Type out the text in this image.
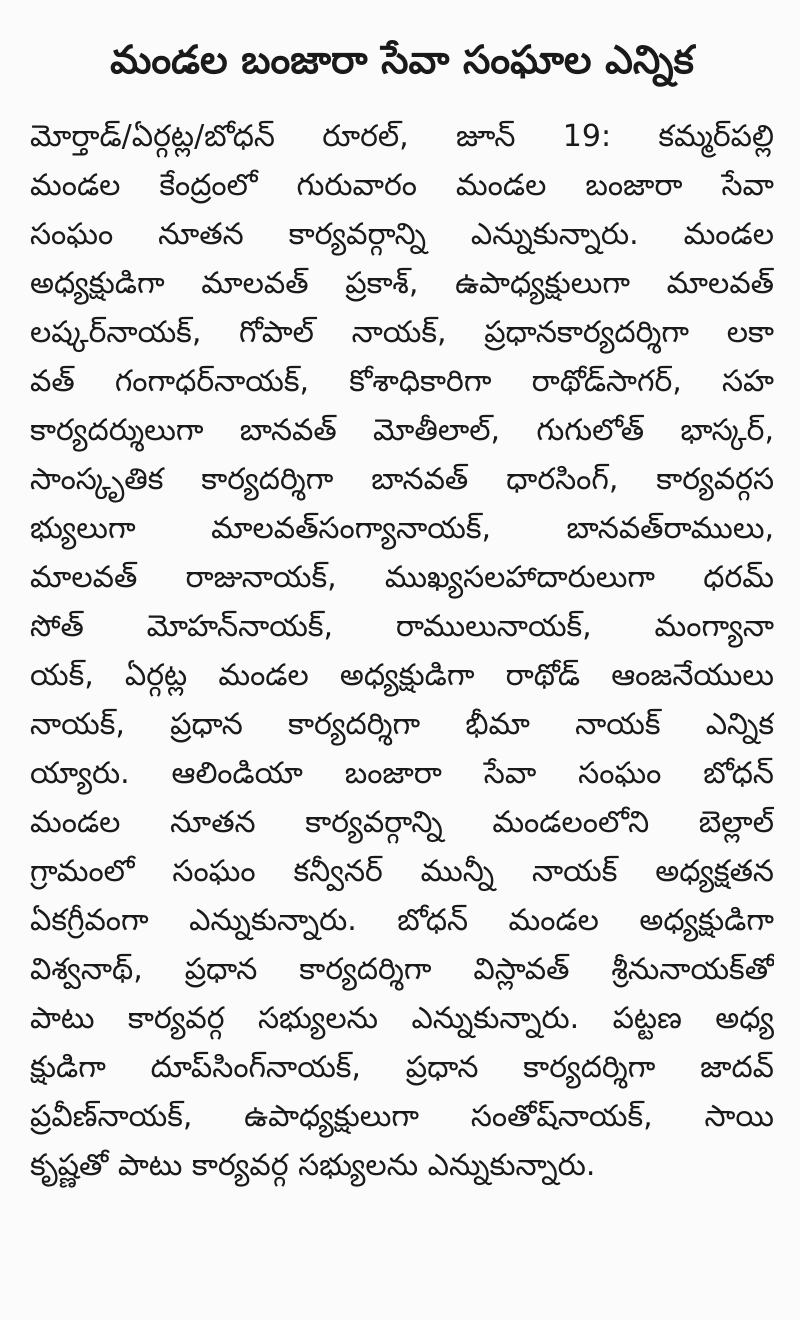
మండల బంజారా సేవా సంఘాల ఎన్నిక
మోర్తాడ్/ఏర్గట్ల/బోధన్ రూరల్, జూన్ 19: కమ్మర్‌పల్లి
మండల కేంద్రంలో గురువారం మండల బంజారా సేవా
సంఘం నూతన కార్యవర్గాన్ని ఎన్నుకున్నారు. మండల
అధ్యక్షుడిగా మాలవత్ ప్రకాశ్, ఉపాధ్యక్షులుగా మాలవత్
లష్కర్‌నాయక్, గోపాల్ నాయక్, ప్రధానకార్యదర్శిగా లకా
వత్ గంగాధర్‌నాయక్, కోశాధికారిగా రాథోడ్‌సాగర్, సహ
కార్యదర్శులుగా బానవత్ మోతీలాల్, గుగులోత్ భాస్కర్,
సాంస్కృతిక కార్యదర్శిగా బానవత్ ధారసింగ్, కార్యవర్గస
భ్యులుగా మాలవత్‌సంగ్యానాయక్, బానవత్‌రాములు,
మాలవత్ రాజునాయక్, ముఖ్యసలహాదారులుగా ధరమ్
సోత్ మోహన్‌నాయక్, రాములునాయక్, మంగ్యానా
యక్, ఏర్గట్ల మండల అధ్యక్షుడిగా రాథోడ్ ఆంజనేయులు
నాయక్, ప్రధాన కార్యదర్శిగా భీమా నాయక్ ఎన్నిక
య్యారు. ఆలిండియా బంజారా సేవా సంఘం బోధన్
మండల నూతన కార్యవర్గాన్ని మండలంలోని బెల్లాల్
గ్రామంలో సంఘం కన్వీనర్ మున్నీ నాయక్ అధ్యక్షతన
ఏకగ్రీవంగా ఎన్నుకున్నారు. బోధన్ మండల అధ్యక్షుడిగా
విశ్వనాథ్, ప్రధాన కార్యదర్శిగా విస్లావత్ శ్రీనునాయక్‌తో
పాటు కార్యవర్గ సభ్యులను ఎన్నుకున్నారు. పట్టణ అధ్య
క్షుడిగా దూప్‌సింగ్‌నాయక్, ప్రధాన కార్యదర్శిగా జాదవ్
ప్రవీణ్‌నాయక్, ఉపాధ్యక్షులుగా సంతోష్‌నాయక్, సాయి
కృష్ణతో పాటు కార్యవర్గ సభ్యులను ఎన్నుకున్నారు.
